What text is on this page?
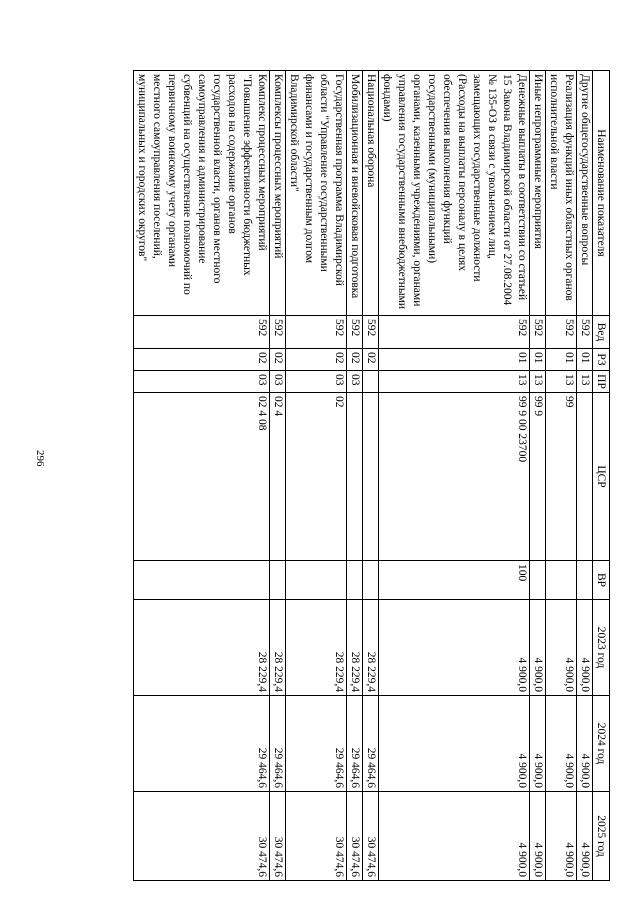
296
Наименование показателя	Вед	РЗ	ПР	ЦСР	ВР	2023 год	2024 год	2025 год
Другие общегосударственные вопросы	592	01	13			4 900,0	4 900,0	4 900,0
Реализация функций иных областных органов исполнительной власти	592	01	13	99		4 900,0	4 900,0	4 900,0
Иные непрограммные мероприятия	592	01	13	99 9		4 900,0	4 900,0	4 900,0
Денежные выплаты в соответствии со статьей 15 Закона Владимирской области от 27.08.2004 № 135-ОЗ в связи с увольнением лиц, замещающих государственные должности (Расходы на выплаты персоналу в целях обеспечения выполнения функций государственными (муниципальными) органами, казенными учреждениями, органами управления государственными внебюджетными фондами)	592	01	13	99 9 00 23700	100	4 900,0	4 900,0	4 900,0
Национальная оборона	592	02				28 229,4	29 464,6	30 474,6
Мобилизационная и вневойсковая подготовка	592	02	03			28 229,4	29 464,6	30 474,6
Государственная программа Владимирской области "Управление государственными финансами и государственным долгом Владимирской области"	592	02	03	02		28 229,4	29 464,6	30 474,6
Комплексы процессных мероприятий	592	02	03	02 4		28 229,4	29 464,6	30 474,6
Комплекс процессных мероприятий "Повышение эффективности бюджетных расходов на содержание органов государственной власти, органов местного самоуправления и администрирование субвенций на осуществление полномочий по первичному воинскому учету органами местного самоуправления поселений, муниципальных и городских округов"	592	02	03	02 4 08		28 229,4	29 464,6	30 474,6
